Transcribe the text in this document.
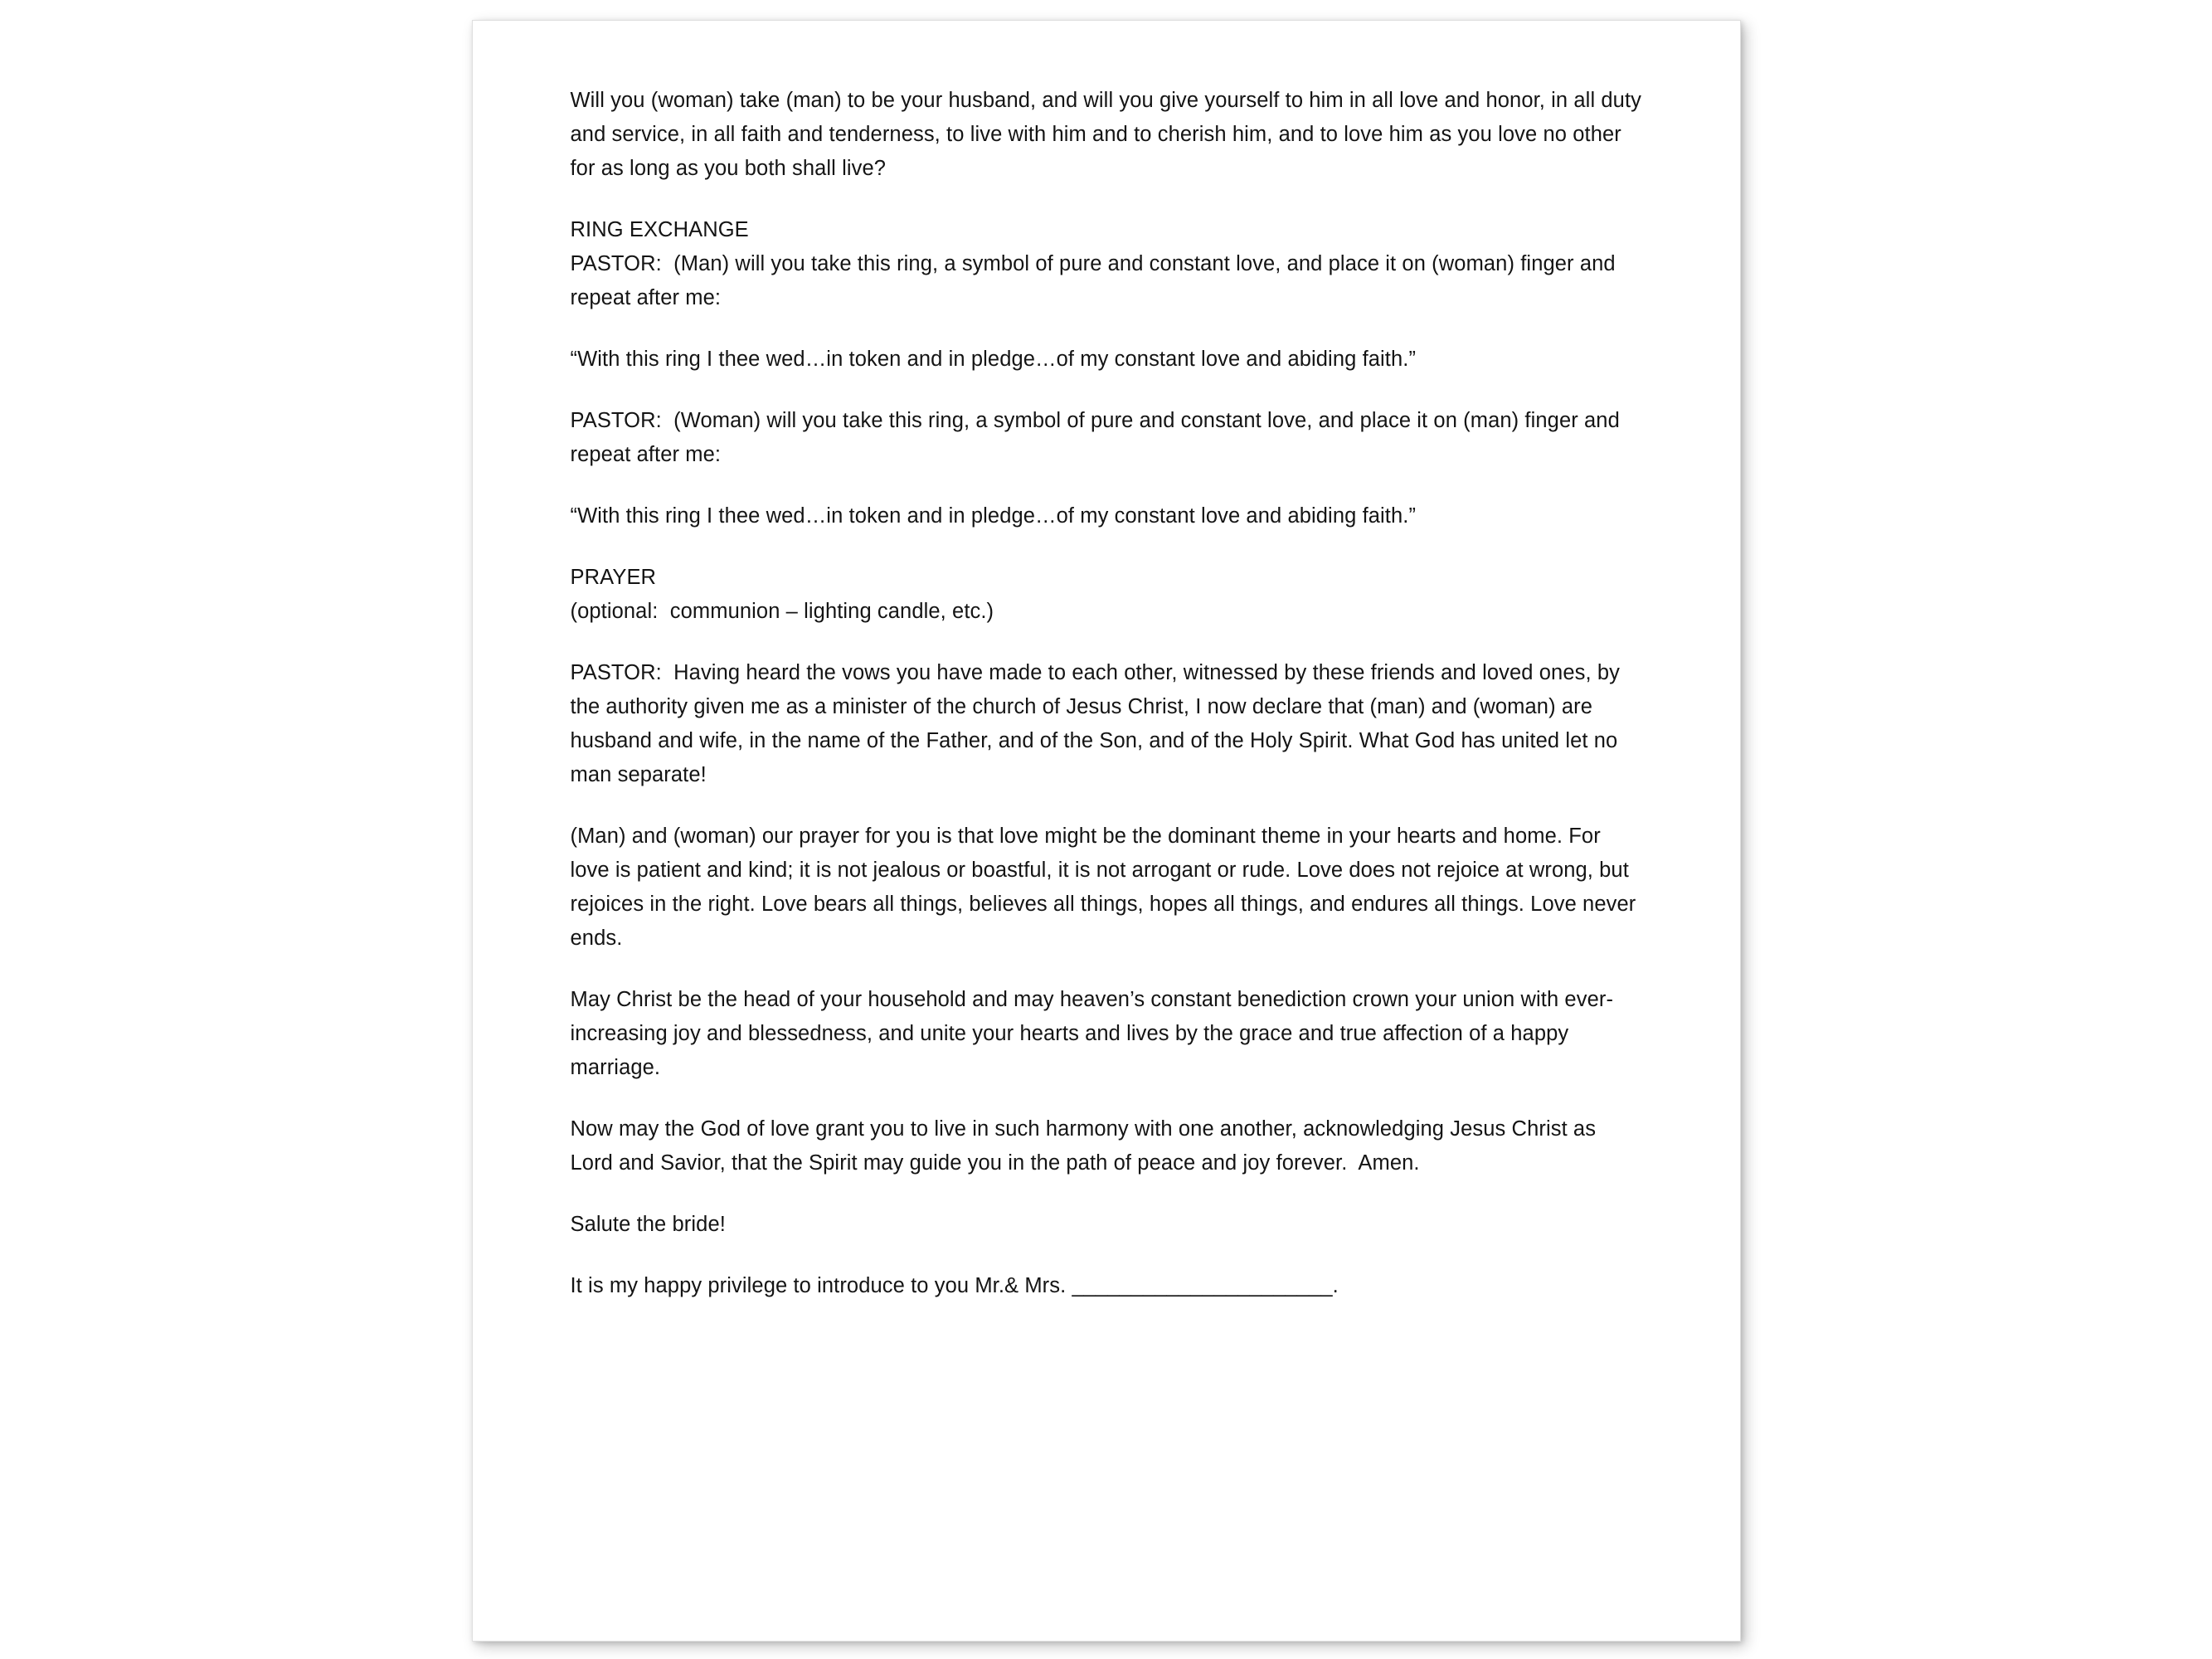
Will you (woman) take (man) to be your husband, and will you give yourself to him in all love and honor, in all duty and service, in all faith and tenderness, to live with him and to cherish him, and to love him as you love no other for as long as you both shall live?

RING EXCHANGE

PASTOR:  (Man) will you take this ring, a symbol of pure and constant love, and place it on (woman) finger and repeat after me:

“With this ring I thee wed…in token and in pledge…of my constant love and abiding faith.”

PASTOR:  (Woman) will you take this ring, a symbol of pure and constant love, and place it on (man) finger and repeat after me:

“With this ring I thee wed…in token and in pledge…of my constant love and abiding faith.”

PRAYER

(optional:  communion – lighting candle, etc.)

PASTOR:  Having heard the vows you have made to each other, witnessed by these friends and loved ones, by the authority given me as a minister of the church of Jesus Christ, I now declare that (man) and (woman) are husband and wife, in the name of the Father, and of the Son, and of the Holy Spirit. What God has united let no man separate!

(Man) and (woman) our prayer for you is that love might be the dominant theme in your hearts and home. For love is patient and kind; it is not jealous or boastful, it is not arrogant or rude. Love does not rejoice at wrong, but rejoices in the right. Love bears all things, believes all things, hopes all things, and endures all things. Love never ends.

May Christ be the head of your household and may heaven’s constant benediction crown your union with ever-increasing joy and blessedness, and unite your hearts and lives by the grace and true affection of a happy marriage.

Now may the God of love grant you to live in such harmony with one another, acknowledging Jesus Christ as Lord and Savior, that the Spirit may guide you in the path of peace and joy forever.  Amen.

Salute the bride!

It is my happy privilege to introduce to you Mr.& Mrs. ______________________.
